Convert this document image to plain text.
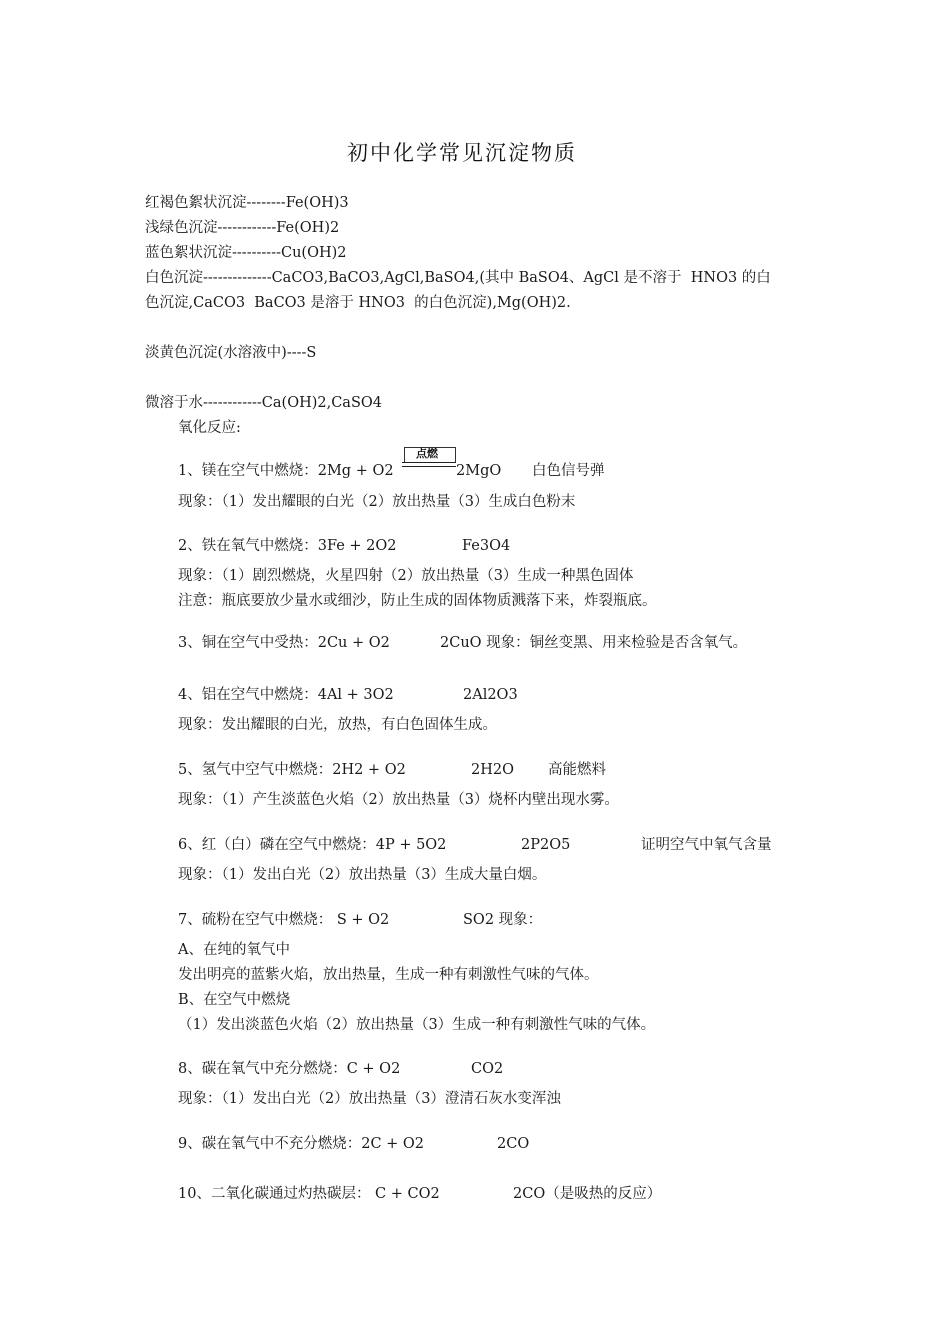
初中化学常见沉淀物质
红褐色絮状沉淀--------Fe(OH)3
浅绿色沉淀------------Fe(OH)2
蓝色絮状沉淀----------Cu(OH)2
白色沉淀--------------CaCO3,BaCO3,AgCl,BaSO4,(其中 BaSO4、AgCl 是不溶于  HNO3 的白
色沉淀,CaCO3  BaCO3 是溶于 HNO3  的白色沉淀),Mg(OH)2.
淡黄色沉淀(水溶液中)----S
微溶于水------------Ca(OH)2,CaSO4
氧化反应:
1、镁在空气中燃烧：2Mg + O2
点燃
2MgO 白色信号弹
现象：（1）发出耀眼的白光（2）放出热量（3）生成白色粉末
2、铁在氧气中燃烧：3Fe + 2O2	Fe3O4
现象：（1）剧烈燃烧，火星四射（2）放出热量（3）生成一种黑色固体
注意：瓶底要放少量水或细沙，防止生成的固体物质溅落下来，炸裂瓶底。
3、铜在空气中受热：2Cu + O2	2CuO 现象：铜丝变黑、用来检验是否含氧气。
4、铝在空气中燃烧：4Al + 3O2	2Al2O3
现象：发出耀眼的白光，放热，有白色固体生成。
5、氢气中空气中燃烧：2H2 + O2	2H2O 高能燃料
现象：（1）产生淡蓝色火焰（2）放出热量（3）烧杯内壁出现水雾。
6、红（白）磷在空气中燃烧：4P + 5O2	2P2O5	证明空气中氧气含量
现象：（1）发出白光（2）放出热量（3）生成大量白烟。
7、硫粉在空气中燃烧： S + O2	SO2 现象：
A、在纯的氧气中
发出明亮的蓝紫火焰，放出热量，生成一种有刺激性气味的气体。
B、在空气中燃烧
（1）发出淡蓝色火焰（2）放出热量（3）生成一种有刺激性气味的气体。
8、碳在氧气中充分燃烧：C + O2	CO2
现象：（1）发出白光（2）放出热量（3）澄清石灰水变浑浊
9、碳在氧气中不充分燃烧：2C + O2	2CO
10、二氧化碳通过灼热碳层： C + CO2	2CO（是吸热的反应）
